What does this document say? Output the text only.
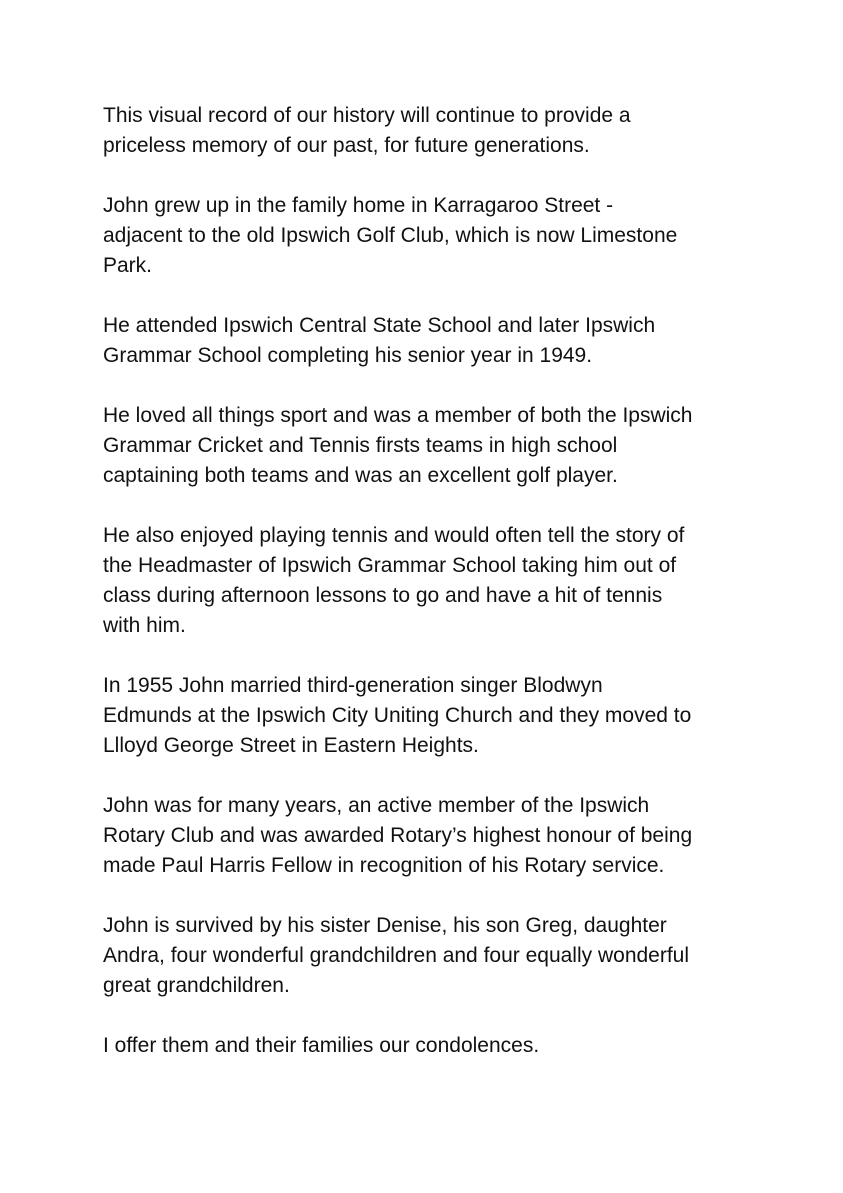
This visual record of our history will continue to provide a
priceless memory of our past, for future generations.

John grew up in the family home in Karragaroo Street -
adjacent to the old Ipswich Golf Club, which is now Limestone
Park.

He attended Ipswich Central State School and later Ipswich
Grammar School completing his senior year in 1949.

He loved all things sport and was a member of both the Ipswich
Grammar Cricket and Tennis firsts teams in high school
captaining both teams and was an excellent golf player.

He also enjoyed playing tennis and would often tell the story of
the Headmaster of Ipswich Grammar School taking him out of
class during afternoon lessons to go and have a hit of tennis
with him.

In 1955 John married third-generation singer Blodwyn
Edmunds at the Ipswich City Uniting Church and they moved to
Llloyd George Street in Eastern Heights.

John was for many years, an active member of the Ipswich
Rotary Club and was awarded Rotary’s highest honour of being
made Paul Harris Fellow in recognition of his Rotary service.

John is survived by his sister Denise, his son Greg, daughter
Andra, four wonderful grandchildren and four equally wonderful
great grandchildren.

I offer them and their families our condolences.
